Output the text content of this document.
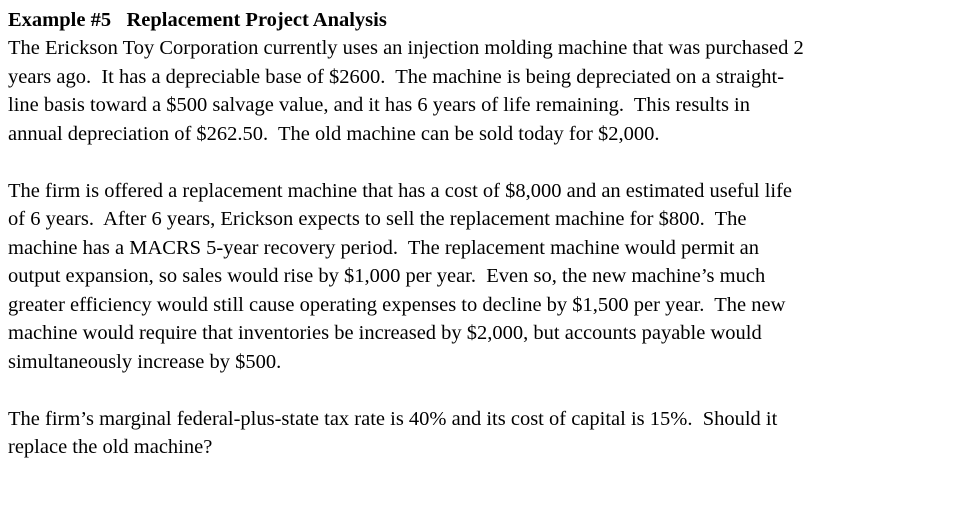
Example #5   Replacement Project Analysis

The Erickson Toy Corporation currently uses an injection molding machine that was purchased 2

years ago.  It has a depreciable base of $2600.  The machine is being depreciated on a straight-

line basis toward a $500 salvage value, and it has 6 years of life remaining.  This results in

annual depreciation of $262.50.  The old machine can be sold today for $2,000.

The firm is offered a replacement machine that has a cost of $8,000 and an estimated useful life

of 6 years.  After 6 years, Erickson expects to sell the replacement machine for $800.  The

machine has a MACRS 5-year recovery period.  The replacement machine would permit an

output expansion, so sales would rise by $1,000 per year.  Even so, the new machine’s much

greater efficiency would still cause operating expenses to decline by $1,500 per year.  The new

machine would require that inventories be increased by $2,000, but accounts payable would

simultaneously increase by $500.

The firm’s marginal federal-plus-state tax rate is 40% and its cost of capital is 15%.  Should it

replace the old machine?
